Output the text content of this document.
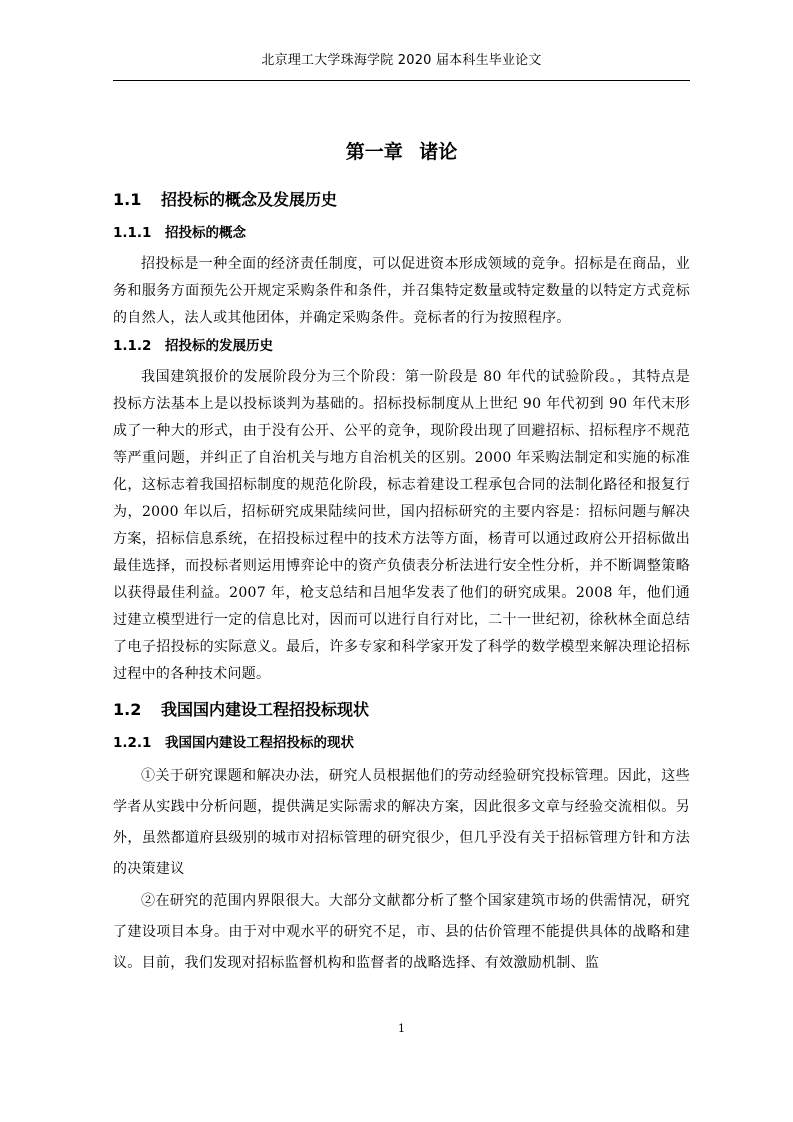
北京理工大学珠海学院 2020 届本科生毕业论文
第一章 诸论
1.1 招投标的概念及发展历史
1.1.1 招投标的概念

招投标是一种全面的经济责任制度，可以促进资本形成领域的竞争。招标是在商品，业务和服务方面预先公开规定采购条件和条件，并召集特定数量或特定数量的以特定方式竞标的自然人，法人或其他团体，并确定采购条件。竞标者的行为按照程序。

1.1.2 招投标的发展历史

我国建筑报价的发展阶段分为三个阶段：第一阶段是 80 年代的试验阶段。，其特点是投标方法基本上是以投标谈判为基础的。招标投标制度从上世纪 90 年代初到 90 年代末形成了一种大的形式，由于没有公开、公平的竞争，现阶段出现了回避招标、招标程序不规范等严重问题，并纠正了自治机关与地方自治机关的区别。2000 年采购法制定和实施的标准化，这标志着我国招标制度的规范化阶段，标志着建设工程承包合同的法制化路径和报复行为，2000 年以后，招标研究成果陆续问世，国内招标研究的主要内容是：招标问题与解决方案，招标信息系统，在招投标过程中的技术方法等方面，杨青可以通过政府公开招标做出最佳选择，而投标者则运用博弈论中的资产负债表分析法进行安全性分析，并不断调整策略以获得最佳利益。2007 年，枪支总结和吕旭华发表了他们的研究成果。2008 年，他们通过建立模型进行一定的信息比对，因而可以进行自行对比，二十一世纪初，徐秋林全面总结了电子招投标的实际意义。最后，许多专家和科学家开发了科学的数学模型来解决理论招标过程中的各种技术问题。

1.2 我国国内建设工程招投标现状
1.2.1 我国国内建设工程招投标的现状

①关于研究课题和解决办法，研究人员根据他们的劳动经验研究投标管理。因此，这些学者从实践中分析问题，提供满足实际需求的解决方案，因此很多文章与经验交流相似。另外，虽然都道府县级别的城市对招标管理的研究很少，但几乎没有关于招标管理方针和方法的决策建议

②在研究的范围内界限很大。大部分文献都分析了整个国家建筑市场的供需情况，研究了建设项目本身。由于对中观水平的研究不足，市、县的估价管理不能提供具体的战略和建议。目前，我们发现对招标监督机构和监督者的战略选择、有效激励机制、监

1
